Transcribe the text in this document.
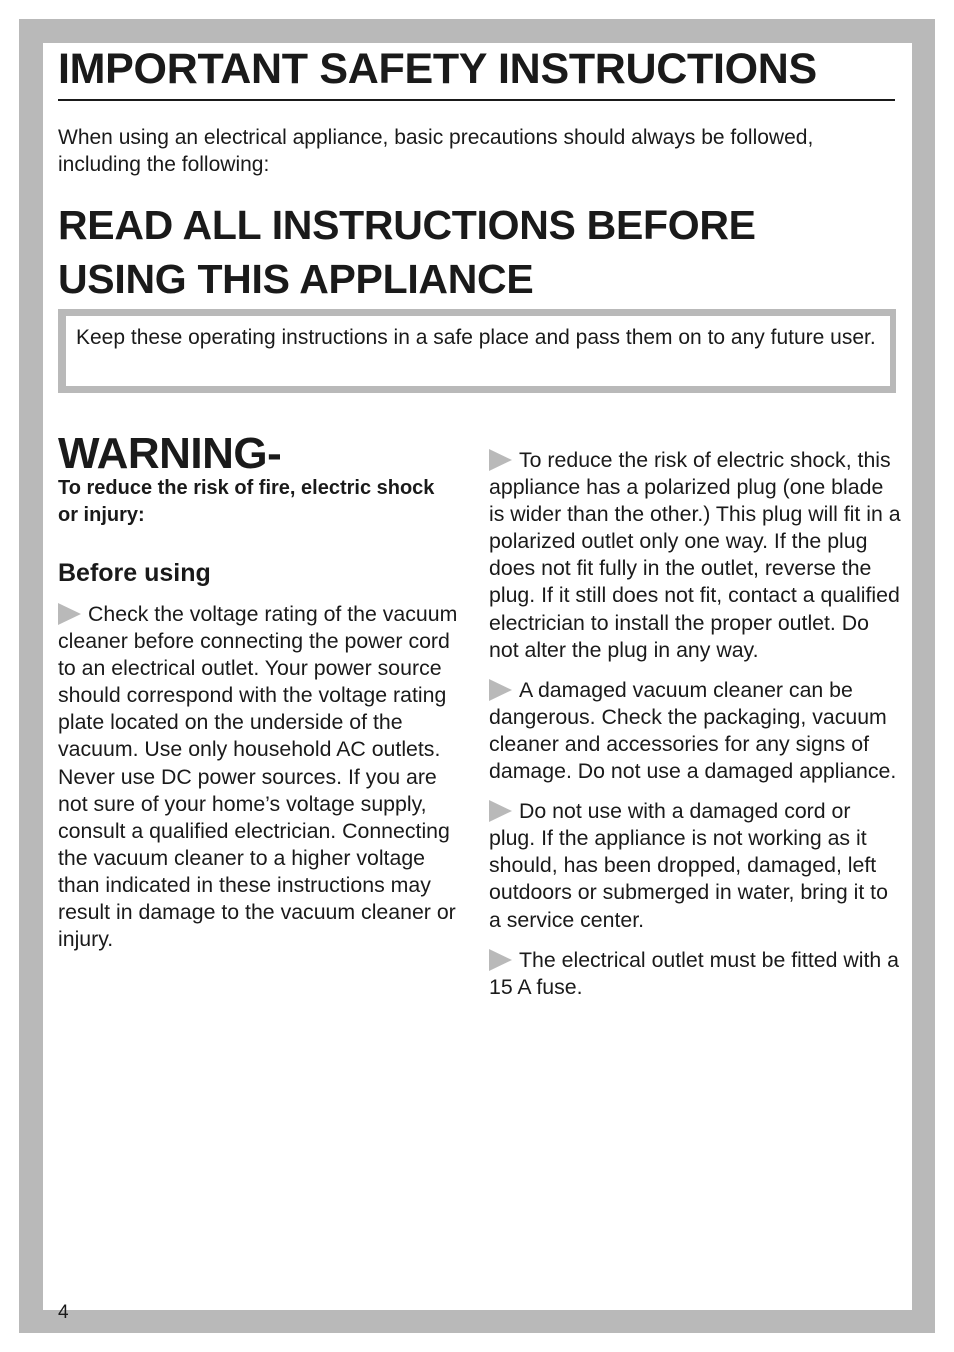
IMPORTANT SAFETY INSTRUCTIONS

When using an electrical appliance, basic precautions should always be followed, including the following:

READ ALL INSTRUCTIONS BEFORE USING THIS APPLIANCE
Keep these operating instructions in a safe place and pass them on to any future user.
WARNING-
To reduce the risk of fire, electric shock or injury:
Before using

Check the voltage rating of the vacuum cleaner before connecting the power cord to an electrical outlet. Your power source should correspond with the voltage rating plate located on the underside of the vacuum. Use only household AC outlets. Never use DC power sources. If you are not sure of your home’s voltage supply, consult a qualified electrician. Connecting the vacuum cleaner to a higher voltage than indicated in these instructions may result in damage to the vacuum cleaner or injury.

To reduce the risk of electric shock, this appliance has a polarized plug (one blade is wider than the other.) This plug will fit in a polarized outlet only one way. If the plug does not fit fully in the outlet, reverse the plug. If it still does not fit, contact a qualified electrician to install the proper outlet. Do not alter the plug in any way.

A damaged vacuum cleaner can be dangerous. Check the packaging, vacuum cleaner and accessories for any signs of damage. Do not use a damaged appliance.

Do not use with a damaged cord or plug. If the appliance is not working as it should, has been dropped, damaged, left outdoors or submerged in water, bring it to a service center.

The electrical outlet must be fitted with a 15 A fuse.

4
